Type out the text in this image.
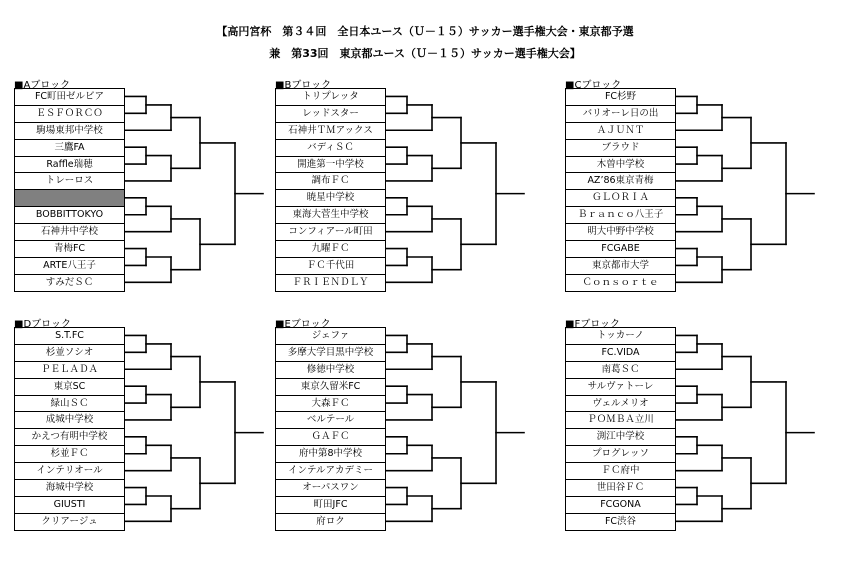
【高円宮杯　第３４回　全日本ユース（Ｕ－１５）サッカー選手権大会・東京都予選
兼　第33回　東京都ユース（Ｕ－１５）サッカー選手権大会】
■Aブロック
FC町田ゼルビア
ＥＳＦＯＲＣＯ
駒場東邦中学校
三鷹FA
Raffle瑞穂
トレーロス
BOBBITTOKYO
石神井中学校
青梅FC
ARTE八王子
すみだＳＣ
■Bブロック
トリプレッタ
レッドスター
石神井ＴＭアックス
バディＳＣ
開進第一中学校
調布ＦＣ
暁星中学校
東海大菅生中学校
コンフィアール町田
九曜ＦＣ
ＦＣ千代田
ＦＲＩＥＮＤＬＹ
■Cブロック
FC杉野
バリオーレ日の出
ＡＪＵＮＴ
ブラウド
木曽中学校
AZ’86東京青梅
ＧＬＯＲＩＡ
Ｂｒａｎｃｏ八王子
明大中野中学校
FCGABE
東京都市大学
Ｃｏｎｓｏｒｔｅ
■Dブロック
S.T.FC
杉並ソシオ
ＰＥＬＡＤＡ
東京SC
緑山ＳＣ
成城中学校
かえつ有明中学校
杉並ＦＣ
インテリオール
海城中学校
GIUSTI
クリアージュ
■Eブロック
ジェファ
多摩大学目黒中学校
修徳中学校
東京久留米FC
大森ＦＣ
ベルテール
ＧＡＦＣ
府中第8中学校
インテルアカデミー
オーパスワン
町田JFC
府ロク
■Fブロック
トッカーノ
FC.VIDA
南葛ＳＣ
サルヴァトーレ
ヴェルメリオ
ＰＯＭＢＡ立川
渕江中学校
プログレッソ
ＦＣ府中
世田谷ＦＣ
FCGONA
FC渋谷
